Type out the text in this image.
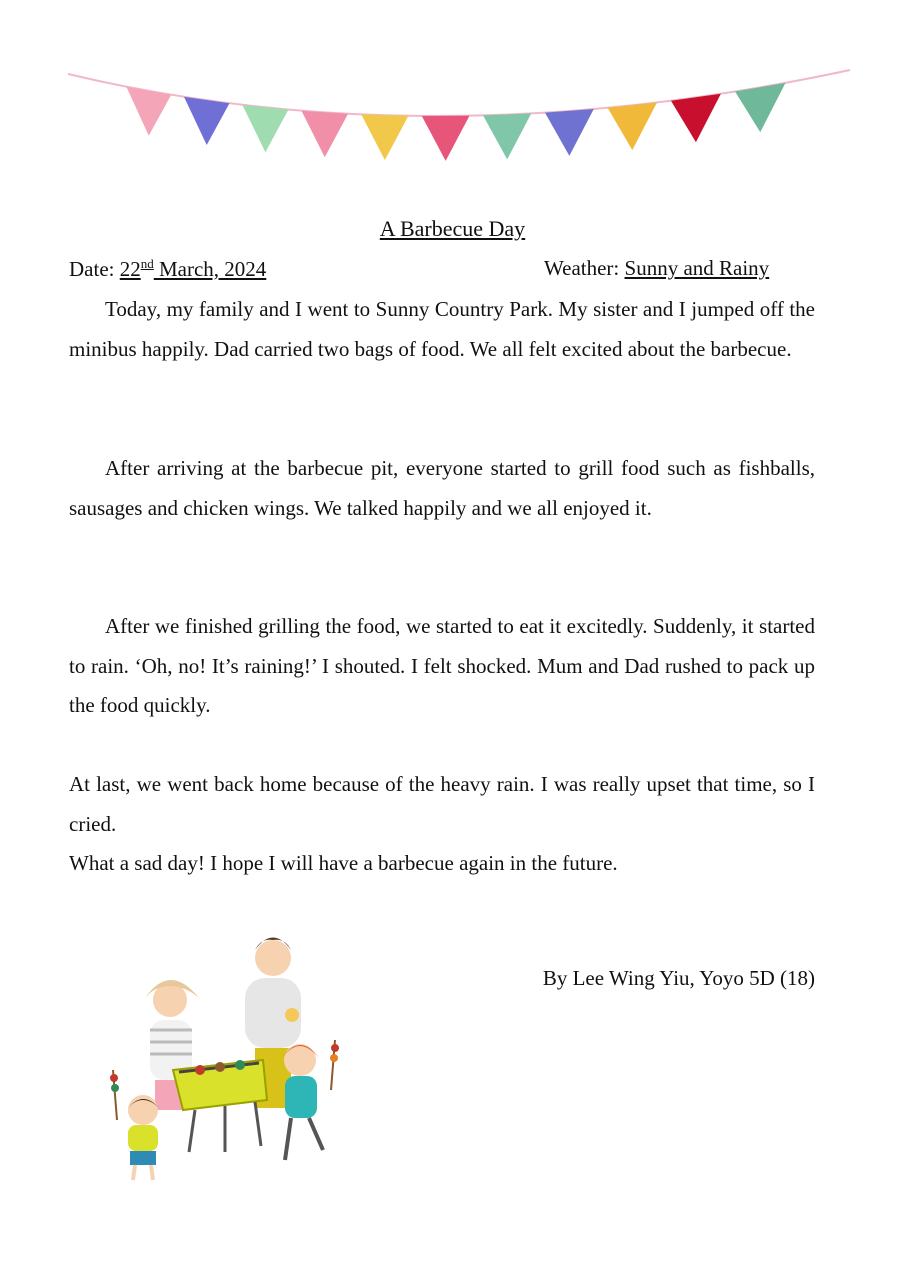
A Barbecue Day
Date: 22nd March, 2024	Weather: Sunny and Rainy

Today, my family and I went to Sunny Country Park. My sister and I jumped off the minibus happily. Dad carried two bags of food. We all felt excited about the barbecue.

After arriving at the barbecue pit, everyone started to grill food such as fishballs, sausages and chicken wings. We talked happily and we all enjoyed it.

After we finished grilling the food, we started to eat it excitedly. Suddenly, it started to rain. ‘Oh, no! It’s raining!’ I shouted. I felt shocked. Mum and Dad rushed to pack up the food quickly.

At last, we went back home because of the heavy rain. I was really upset that time, so I cried.

What a sad day! I hope I will have a barbecue again in the future.

By Lee Wing Yiu, Yoyo 5D (18)
